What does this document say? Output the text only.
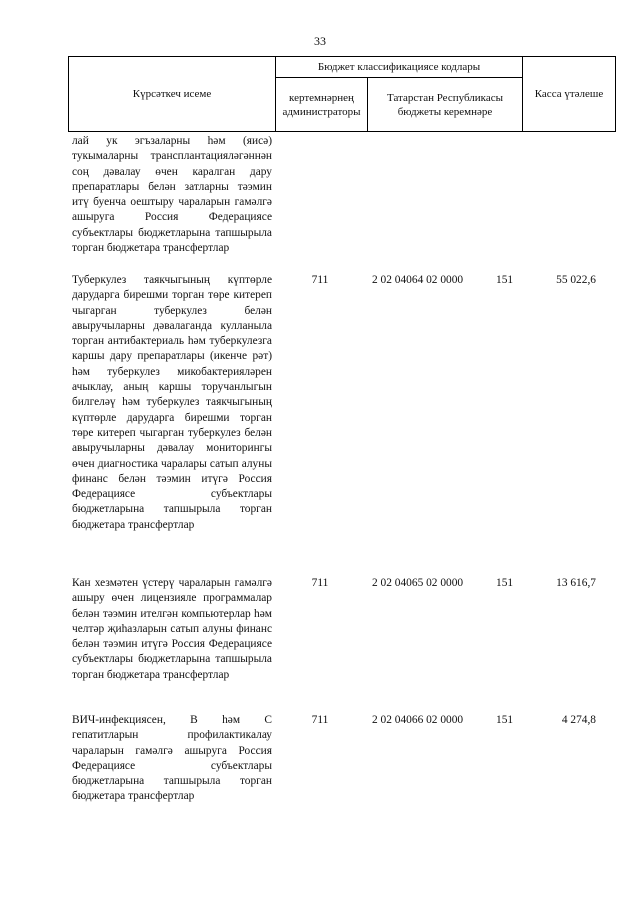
33
Күрсәткеч исеме
Бюджет классификациясе кодлары
кертемнәрнең администраторы
Татарстан Республикасы бюджеты керемнәре
Касса үтәлеше
лай ук эгъзаларны һәм (яисә) тукымаларны трансплантацияләгәннән соң дәвалау өчен каралган дару препаратлары белән затларны тәэмин итү буенча оештыру чараларын гамәлгә ашыруга Россия Федерациясе субъектлары бюджетларына тапшырыла торган бюджетара трансфертлар
Туберкулез таякчыгының күптөрле дарударга бирешми торган төре китереп чыгарган туберкулез белән авыручыларны дәвалаганда кулланыла торган антибактериаль һәм туберкулезга каршы дару препаратлары (икенче рәт) һәм туберкулез микобактерияләрен ачыклау, аның каршы торучанлыгын билгеләү һәм туберкулез таякчыгының күптөрле дарударга бирешми торган төре китереп чыгарган туберкулез белән авыручыларны дәвалау мониторингы өчен диагностика чаралары сатып алуны финанс белән тәэмин итүгә Россия Федерациясе субъектлары бюджетларына тапшырыла торган бюджетара трансфертлар
711	2 02 04064 02 0000	151	55 022,6
Кан хезмәтен үстерү чараларын гамәлгә ашыру өчен лицензияле программалар белән тәэмин ителгән компьютерлар һәм челтәр җиһазларын сатып алуны финанс белән тәэмин итүгә Россия Федерациясе субъектлары бюджетларына тапшырыла торган бюджетара трансфертлар
711	2 02 04065 02 0000	151	13 616,7
ВИЧ-инфекциясен, В һәм С гепатитларын профилактикалау чараларын гамәлгә ашыруга Россия Федерациясе субъектлары бюджетларына тапшырыла торган бюджетара трансфертлар
711	2 02 04066 02 0000	151	4 274,8
